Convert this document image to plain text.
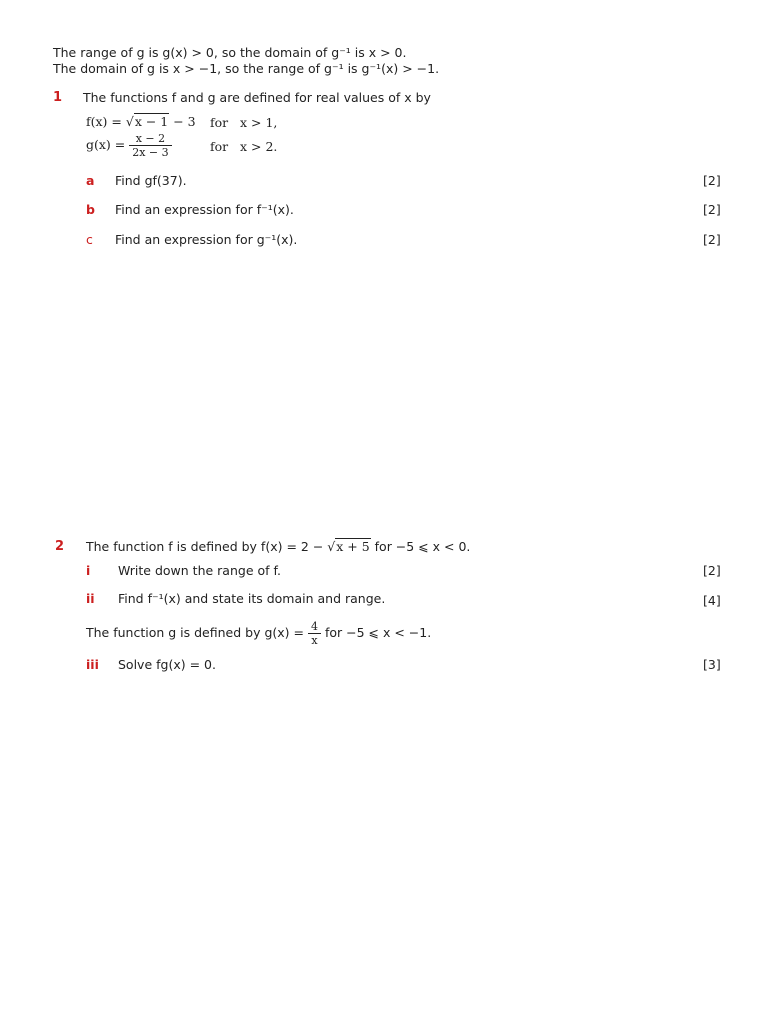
The range of g is g(x) > 0, so the domain of g⁻¹ is x > 0.
The domain of g is x > −1, so the range of g⁻¹ is g⁻¹(x) > −1.
1 The functions f and g are defined for real values of x by
f(x) = √x − 1 − 3 for x > 1,
$g(x) = \frac{x - 2}{2x - 3}$	for x > 2.
a Find gf(37).	[2]
b Find an expression for f⁻¹(x).	[2]
c Find an expression for g⁻¹(x).	[2]
2 The function f is defined by f(x) = 2 − √x + 5 for −5 ⩽ x < 0.
i Write down the range of f.	[2]
ii Find f⁻¹(x) and state its domain and range.	[4]
The function g is defined by $g(x) = \frac{4}{x}$ for −5 ⩽ x < −1.
iii Solve fg(x) = 0.	[3]
